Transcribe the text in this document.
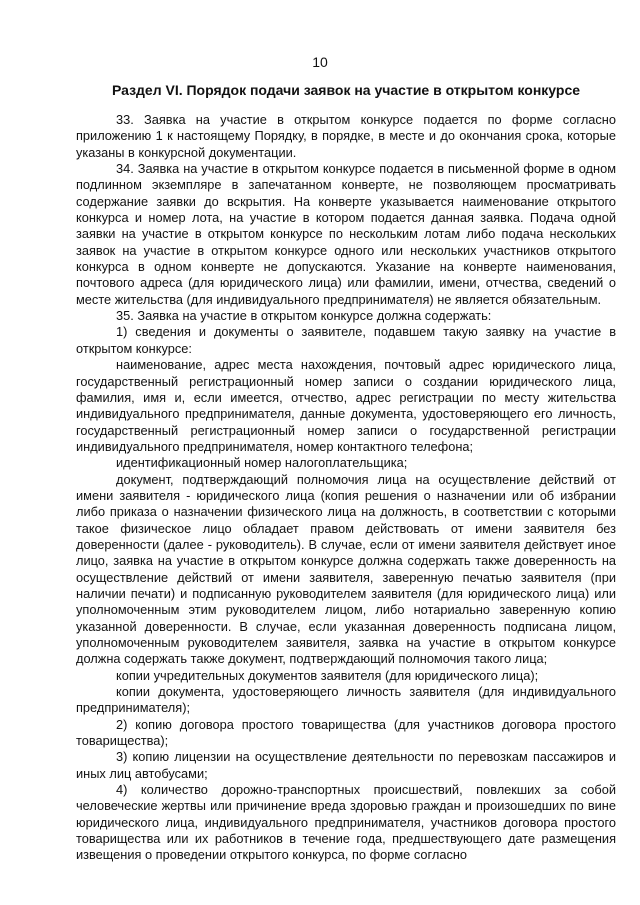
10
Раздел VI. Порядок подачи заявок на участие в открытом конкурсе

33. Заявка на участие в открытом конкурсе подается по форме согласно приложению 1 к настоящему Порядку, в порядке, в месте и до окончания срока, которые указаны в конкурсной документации.

34. Заявка на участие в открытом конкурсе подается в письменной форме в одном подлинном экземпляре в запечатанном конверте, не позволяющем просматривать содержание заявки до вскрытия. На конверте указывается наименование открытого конкурса и номер лота, на участие в котором подается данная заявка. Подача одной заявки на участие в открытом конкурсе по нескольким лотам либо подача нескольких заявок на участие в открытом конкурсе одного или нескольких участников открытого конкурса в одном конверте не допускаются. Указание на конверте наименования, почтового адреса (для юридического лица) или фамилии, имени, отчества, сведений о месте жительства (для индивидуального предпринимателя) не является обязательным.

35. Заявка на участие в открытом конкурсе должна содержать:

1) сведения и документы о заявителе, подавшем такую заявку на участие в открытом конкурсе:

наименование, адрес места нахождения, почтовый адрес юридического лица, государственный регистрационный номер записи о создании юридического лица, фамилия, имя и, если имеется, отчество, адрес регистрации по месту жительства индивидуального предпринимателя, данные документа, удостоверяющего его личность, государственный регистрационный номер записи о государственной регистрации индивидуального предпринимателя, номер контактного телефона;

идентификационный номер налогоплательщика;

документ, подтверждающий полномочия лица на осуществление действий от имени заявителя - юридического лица (копия решения о назначении или об избрании либо приказа о назначении физического лица на должность, в соответствии с которыми такое физическое лицо обладает правом действовать от имени заявителя без доверенности (далее - руководитель). В случае, если от имени заявителя действует иное лицо, заявка на участие в открытом конкурсе должна содержать также доверенность на осуществление действий от имени заявителя, заверенную печатью заявителя (при наличии печати) и подписанную руководителем заявителя (для юридического лица) или уполномоченным этим руководителем лицом, либо нотариально заверенную копию указанной доверенности. В случае, если указанная доверенность подписана лицом, уполномоченным руководителем заявителя, заявка на участие в открытом конкурсе должна содержать также документ, подтверждающий полномочия такого лица;

копии учредительных документов заявителя (для юридического лица);

копии документа, удостоверяющего личность заявителя (для индивидуального предпринимателя);

2) копию договора простого товарищества (для участников договора простого товарищества);

3) копию лицензии на осуществление деятельности по перевозкам пассажиров и иных лиц автобусами;

4) количество дорожно-транспортных происшествий, повлекших за собой человеческие жертвы или причинение вреда здоровью граждан и произошедших по вине юридического лица, индивидуального предпринимателя, участников договора простого товарищества или их работников в течение года, предшествующего дате размещения извещения о проведении открытого конкурса, по форме согласно
